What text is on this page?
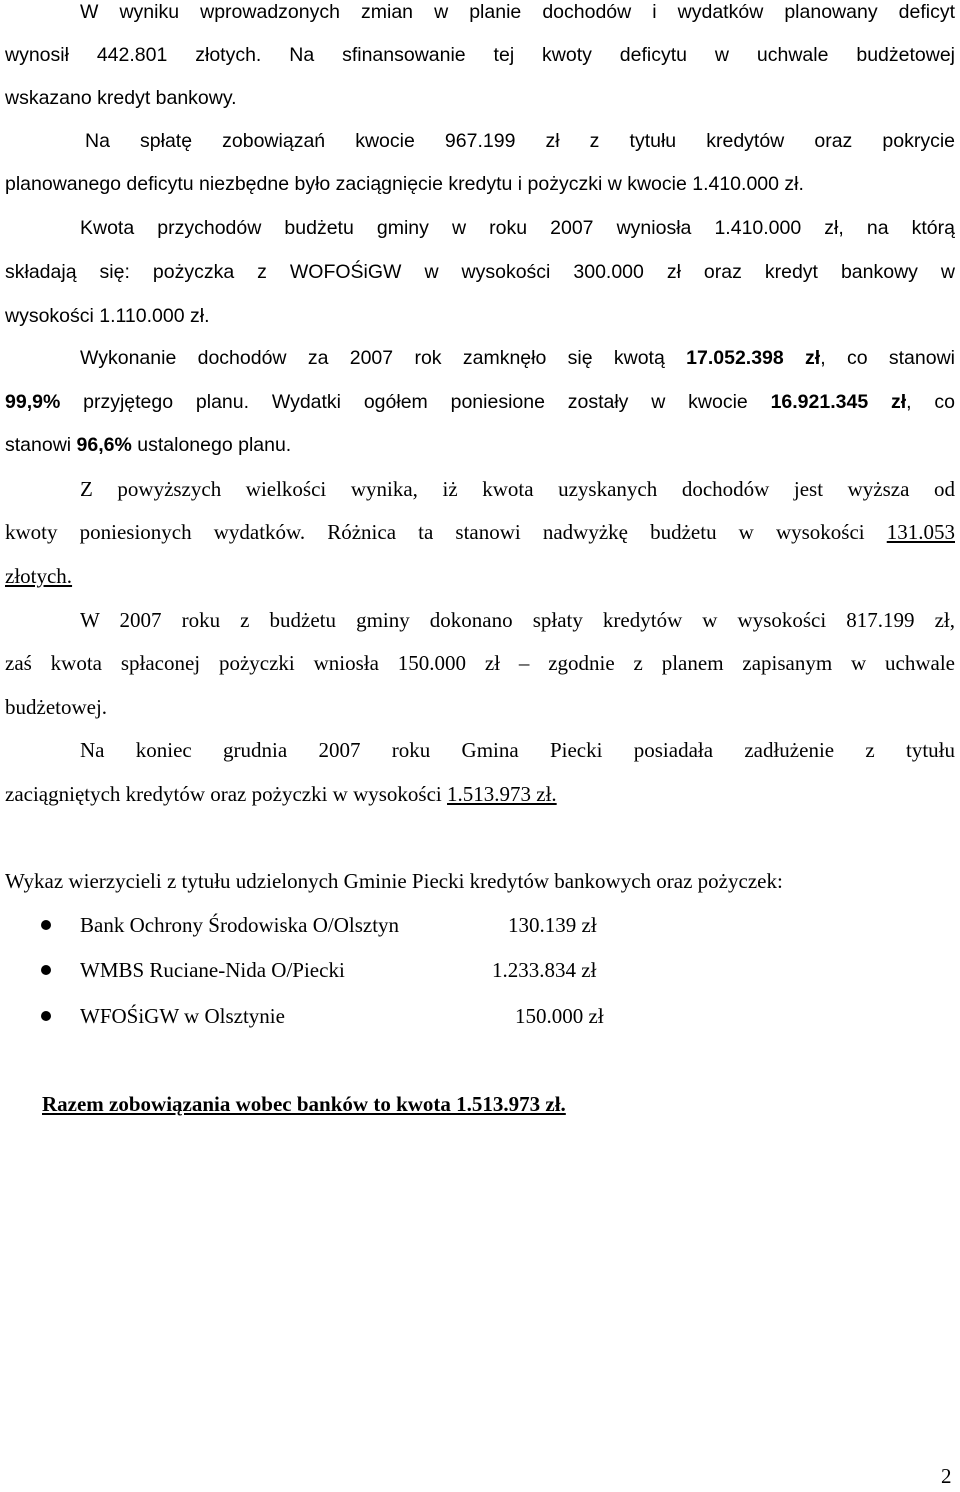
W wyniku wprowadzonych zmian w planie dochodów i wydatków planowany deficyt
wynosił 442.801 złotych. Na sfinansowanie tej kwoty deficytu w uchwale budżetowej
wskazano kredyt bankowy.
Na spłatę zobowiązań kwocie 967.199 zł z tytułu kredytów oraz pokrycie
planowanego deficytu niezbędne było zaciągnięcie kredytu i pożyczki w kwocie 1.410.000 zł.
Kwota przychodów budżetu gminy w roku 2007 wyniosła 1.410.000 zł, na którą
składają się: pożyczka z WOFOŚiGW w wysokości 300.000 zł oraz kredyt bankowy w
wysokości 1.110.000 zł.
Wykonanie dochodów za 2007 rok zamknęło się kwotą 17.052.398 zł, co stanowi
99,9% przyjętego planu. Wydatki ogółem poniesione zostały w kwocie 16.921.345 zł, co
stanowi 96,6% ustalonego planu.
Z powyższych wielkości wynika, iż kwota uzyskanych dochodów jest wyższa od
kwoty poniesionych wydatków. Różnica ta stanowi nadwyżkę budżetu w wysokości 131.053
złotych.
W 2007 roku z budżetu gminy dokonano spłaty kredytów w wysokości 817.199 zł,
zaś kwota spłaconej pożyczki wniosła 150.000 zł – zgodnie z planem zapisanym w uchwale
budżetowej.
Na koniec grudnia 2007 roku Gmina Piecki posiadała zadłużenie z tytułu
zaciągniętych kredytów oraz pożyczki w wysokości 1.513.973 zł.
Wykaz wierzycieli z tytułu udzielonych Gminie Piecki kredytów bankowych oraz pożyczek:
Bank Ochrony Środowiska O/Olsztyn	130.139 zł
WMBS Ruciane-Nida O/Piecki	1.233.834 zł
WFOŚiGW w Olsztynie	150.000 zł
Razem zobowiązania wobec banków to kwota 1.513.973 zł.
2
